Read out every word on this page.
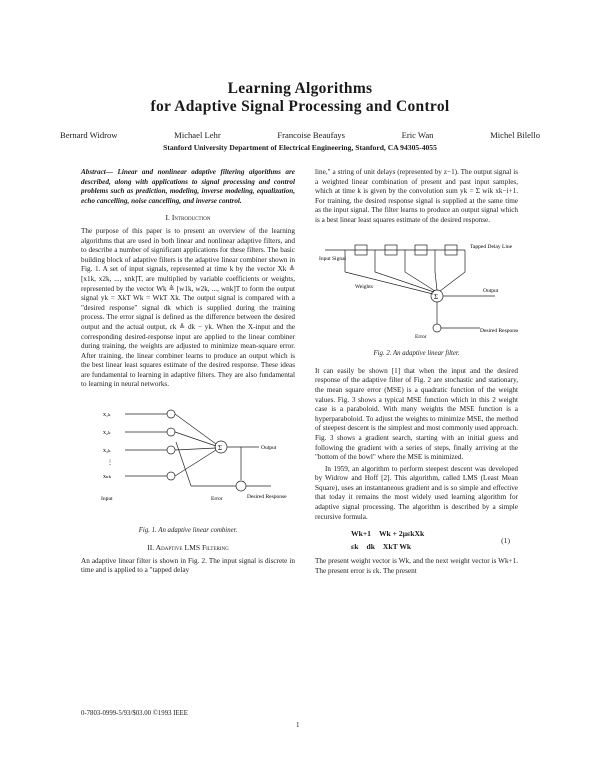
Learning Algorithms
for Adaptive Signal Processing and Control
Bernard Widrow	Michael Lehr	Francoise Beaufays	Eric Wan	Michel Bilello
Stanford University Department of Electrical Engineering, Stanford, CA 94305-4055

Abstract— Linear and nonlinear adaptive filtering algorithms are described, along with applications to signal processing and control problems such as prediction, modeling, inverse modeling, equalization, echo cancelling, noise cancelling, and inverse control.

I. Introduction

The purpose of this paper is to present an overview of the learning algorithms that are used in both linear and nonlinear adaptive filters, and to describe a number of significant applications for these filters. The basic building block of adaptive filters is the adaptive linear combiner shown in Fig. 1. A set of input signals, represented at time k by the vector Xk ≜ [x1k, x2k, ..., xnk]T, are multiplied by variable coefficients or weights, represented by the vector Wk ≜ [w1k, w2k, ..., wnk]T to form the output signal yk = XkT Wk = WkT Xk. The output signal is compared with a "desired response" signal dk which is supplied during the training process. The error signal is defined as the difference between the desired output and the actual output, εk ≜ dk − yk. When the X-input and the corresponding desired-response input are applied to the linear combiner during training, the weights are adjusted to minimize mean-square error. After training, the linear combiner learns to produce an output which is the best linear least squares estimate of the desired response. These ideas are fundamental to learning in adaptive filters. They are also fundamental to learning in neural networks.

Σ
x₁ₖ
x₂ₖ
x₃ₖ
⋮
xₙₖ
Input
Output
Error	Desired Response
Fig. 1. An adaptive linear combiner.
II. Adaptive LMS Filtering

An adaptive linear filter is shown in Fig. 2. The input signal is discrete in time and is applied to a "tapped delay

line," a string of unit delays (represented by z−1). The output signal is a weighted linear combination of present and past input samples, which at time k is given by the convolution sum yk = Σ wik xk−i+1. For training, the desired response signal is supplied at the same time as the input signal. The filter learns to produce an output signal which is a best linear least squares estimate of the desired response.

Σ
Input Signal
Tapped Delay Line
Weights
Output
Error
Desired Response
Fig. 2. An adaptive linear filter.

It can easily be shown [1] that when the input and the desired response of the adaptive filter of Fig. 2 are stochastic and stationary, the mean square error (MSE) is a quadratic function of the weight values. Fig. 3 shows a typical MSE function which in this 2 weight case is a paraboloid. With many weights the MSE function is a hyperparaboloid. To adjust the weights to minimize MSE, the method of steepest descent is the simplest and most commonly used approach. Fig. 3 shows a gradient search, starting with an initial guess and following the gradient with a series of steps, finally arriving at the "bottom of the bowl" where the MSE is minimized.

In 1959, an algorithm to perform steepest descent was developed by Widrow and Hoff [2]. This algorithm, called LMS (Least Mean Square), uses an instantaneous gradient and is so simple and effective that today it remains the most widely used learning algorithm for adaptive signal processing. The algorithm is described by a simple recursive formula.

Wk+1 Wk + 2μεkXk
εk dk XkT Wk
(1)

The present weight vector is Wk, and the next weight vector is Wk+1. The present error is εk. The present

0-7803-0999-5/93/$03.00 ©1993 IEEE
1
